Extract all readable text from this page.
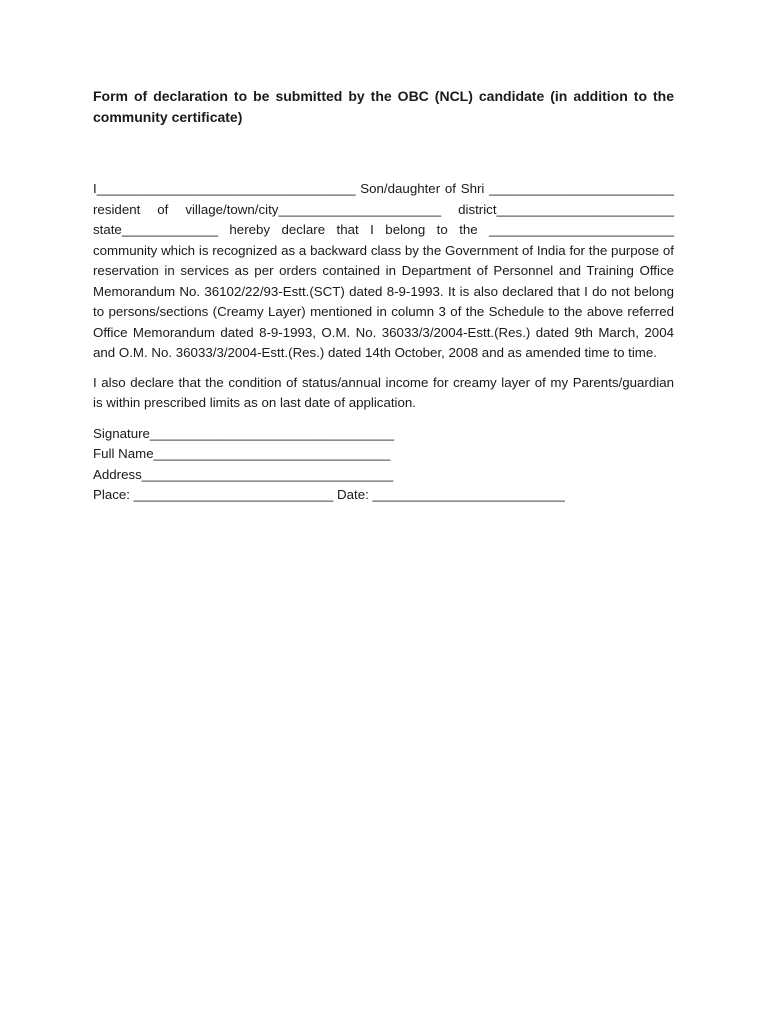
Form of declaration to be submitted by the OBC (NCL) candidate (in addition to the community certificate)

I___________________________________ Son/daughter of Shri _________________________ resident of village/town/city______________________ district________________________ state_____________ hereby declare that I belong to the _________________________ community which is recognized as a backward class by the Government of India for the purpose of reservation in services as per orders contained in Department of Personnel and Training Office Memorandum No. 36102/22/93-Estt.(SCT) dated 8-9-1993. It is also declared that I do not belong to persons/sections (Creamy Layer) mentioned in column 3 of the Schedule to the above referred Office Memorandum dated 8-9-1993, O.M. No. 36033/3/2004-Estt.(Res.) dated 9th March, 2004 and O.M. No. 36033/3/2004-Estt.(Res.) dated 14th October, 2008 and as amended time to time.

I also declare that the condition of status/annual income for creamy layer of my Parents/guardian is within prescribed limits as on last date of application.

Signature_________________________________
Full Name________________________________
Address__________________________________
Place: ___________________________ Date: __________________________
